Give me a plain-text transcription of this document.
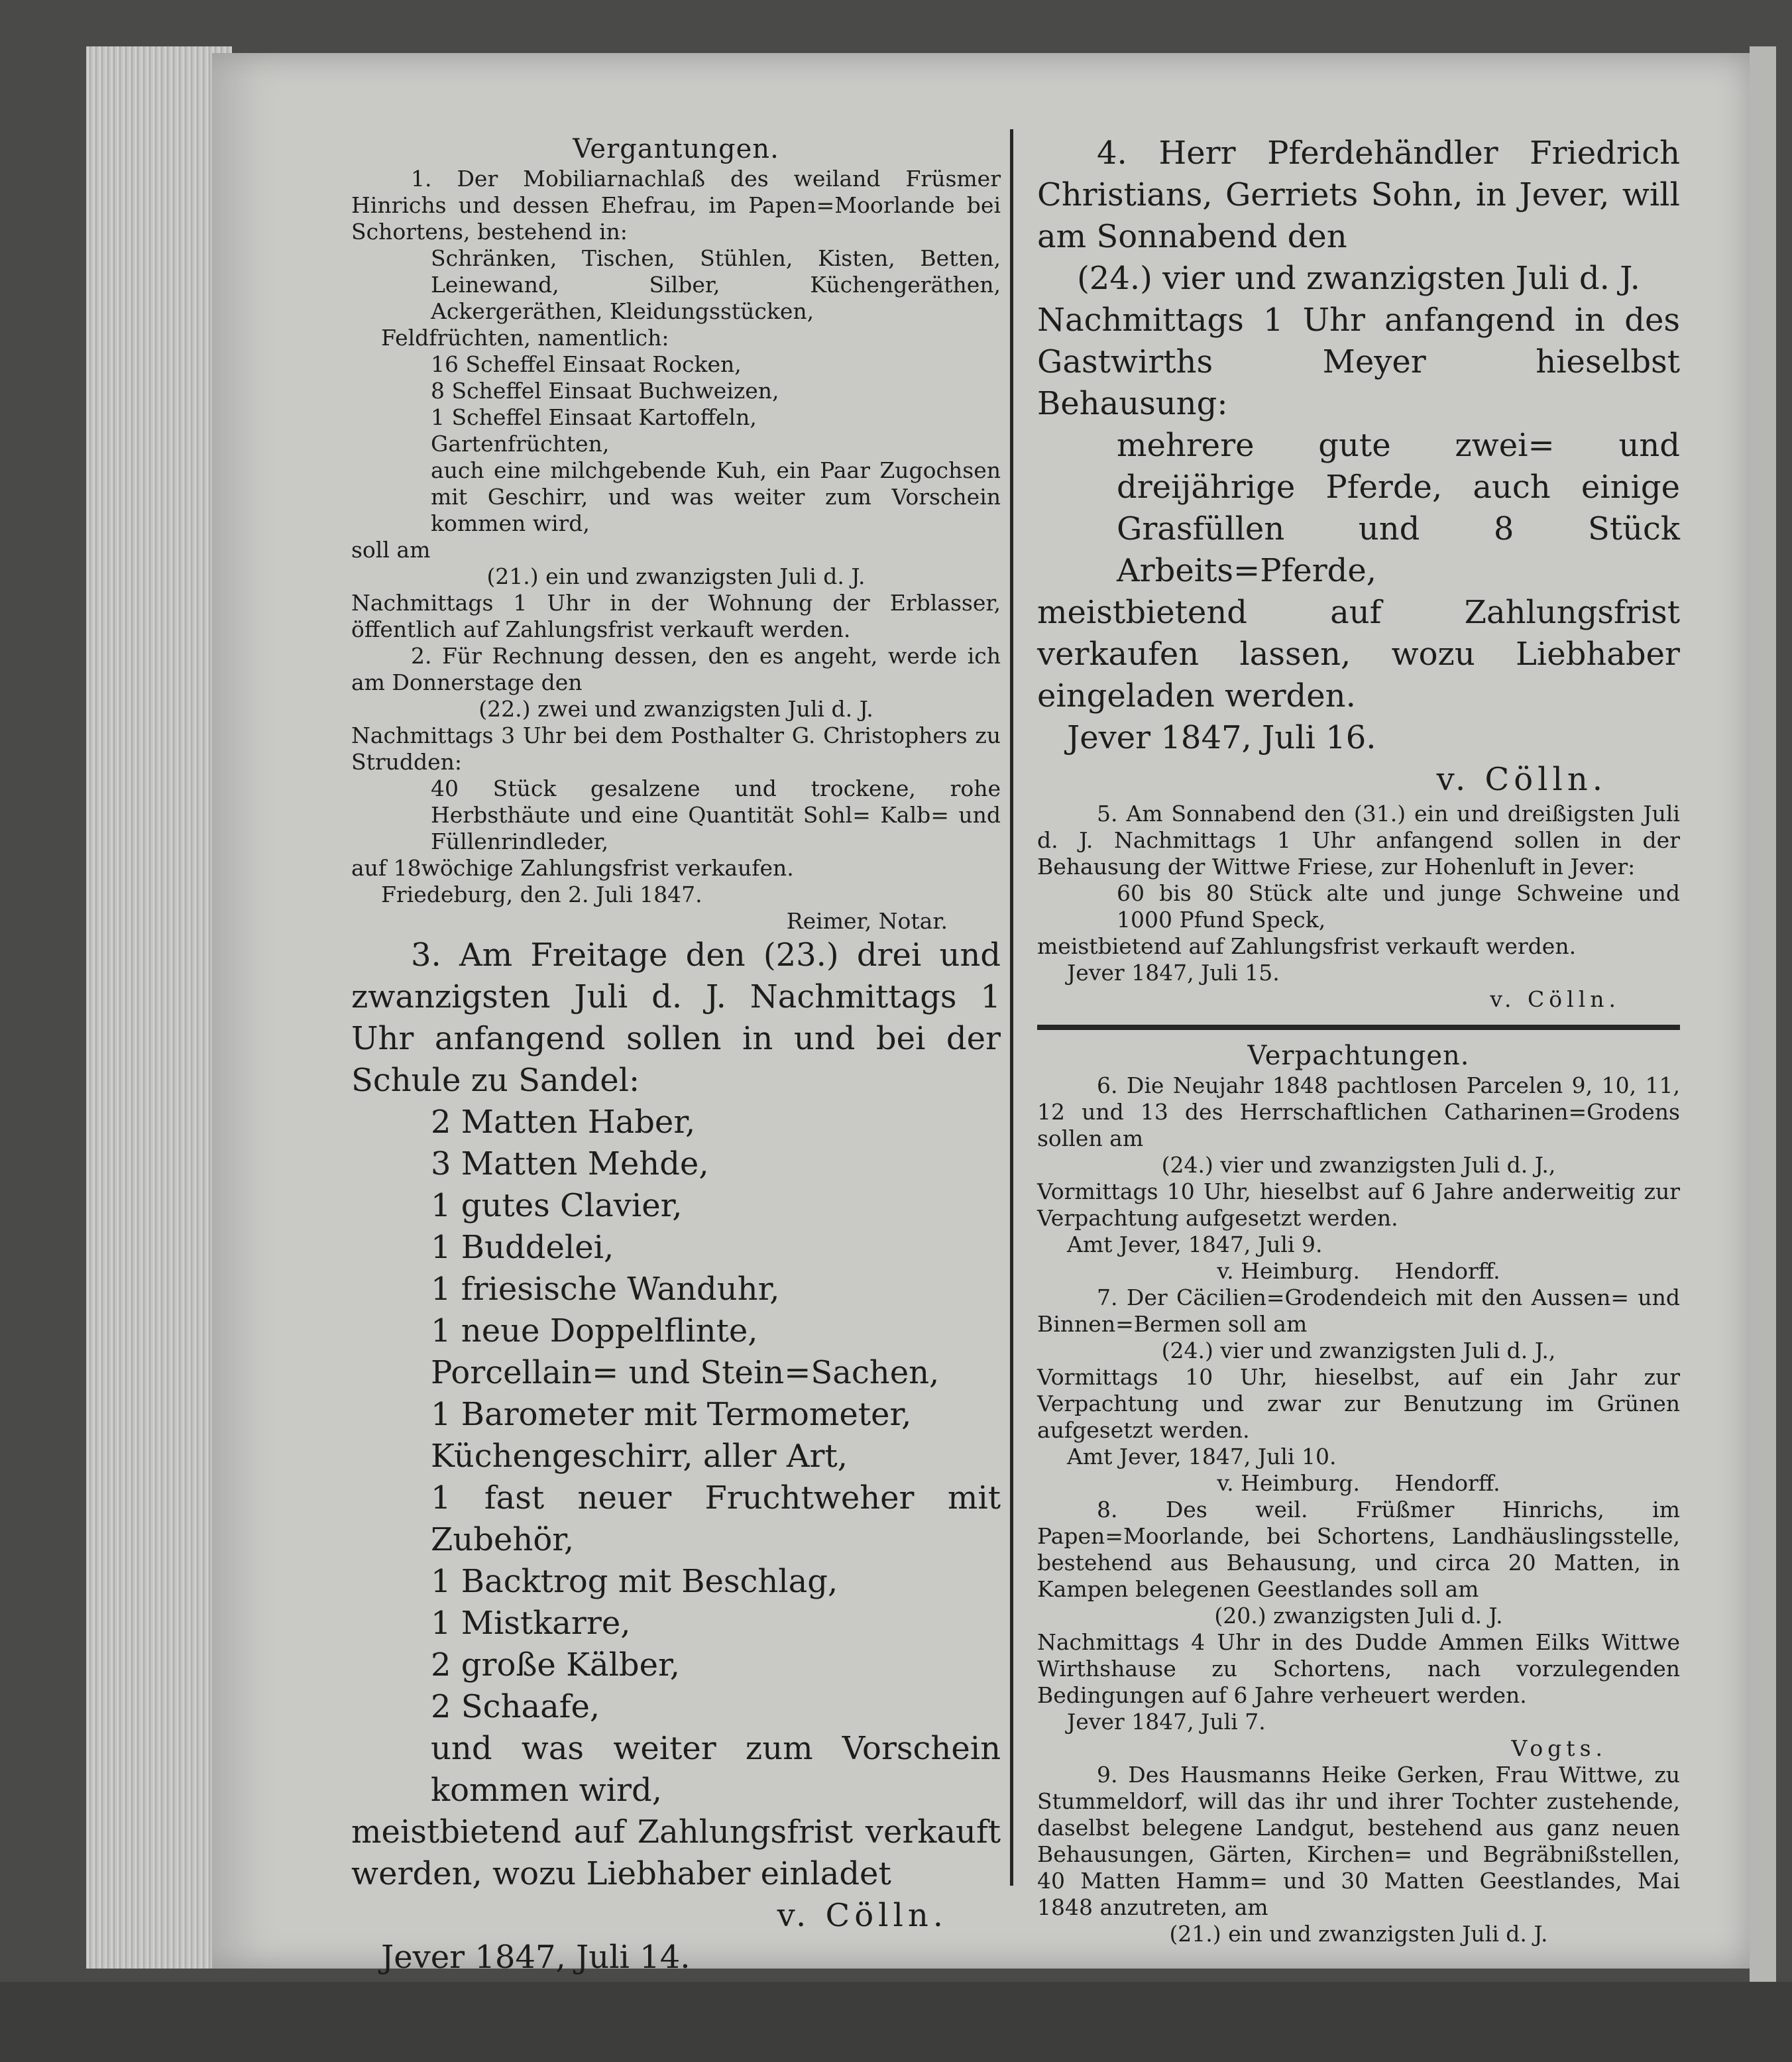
Vergantungen.

1. Der Mobiliarnachlaß des weiland Früsmer Hinrichs und dessen Ehefrau, im Papen=Moorlande bei Schortens, bestehend in:

Schränken, Tischen, Stühlen, Kisten, Betten, Leinewand, Silber, Küchengeräthen, Ackergeräthen, Kleidungsstücken,

Feldfrüchten, namentlich:

16 Scheffel Einsaat Rocken,

8 Scheffel Einsaat Buchweizen,

1 Scheffel Einsaat Kartoffeln,

Gartenfrüchten,

auch eine milchgebende Kuh, ein Paar Zugochsen mit Geschirr, und was weiter zum Vorschein kommen wird,

soll am

(21.) ein und zwanzigsten Juli d. J.

Nachmittags 1 Uhr in der Wohnung der Erblasser, öffentlich auf Zahlungsfrist verkauft werden.

2. Für Rechnung dessen, den es angeht, werde ich am Donnerstage den

(22.) zwei und zwanzigsten Juli d. J.

Nachmittags 3 Uhr bei dem Posthalter G. Christophers zu Strudden:

40 Stück gesalzene und trockene, rohe Herbsthäute und eine Quantität Sohl= Kalb= und Füllenrindleder,

auf 18wöchige Zahlungsfrist verkaufen.

Friedeburg, den 2. Juli 1847.

Reimer, Notar.

3. Am Freitage den (23.) drei und zwanzigsten Juli d. J. Nachmittags 1 Uhr anfangend sollen in und bei der Schule zu Sandel:

2 Matten Haber,

3 Matten Mehde,

1 gutes Clavier,

1 Buddelei,

1 friesische Wanduhr,

1 neue Doppelflinte,

Porcellain= und Stein=Sachen,

1 Barometer mit Termometer,

Küchengeschirr, aller Art,

1 fast neuer Fruchtweher mit Zubehör,

1 Backtrog mit Beschlag,

1 Mistkarre,

2 große Kälber,

2 Schaafe,

und was weiter zum Vorschein kommen wird,

meistbietend auf Zahlungsfrist verkauft werden, wozu Liebhaber einladet

v. Cölln.

Jever 1847, Juli 14.

4. Herr Pferdehändler Friedrich Christians, Gerriets Sohn, in Jever, will am Sonnabend den

(24.) vier und zwanzigsten Juli d. J.

Nachmittags 1 Uhr anfangend in des Gastwirths Meyer hieselbst Behausung:

mehrere gute zwei= und dreijährige Pferde, auch einige Grasfüllen und 8 Stück Arbeits=Pferde,

meistbietend auf Zahlungsfrist verkaufen lassen, wozu Liebhaber eingeladen werden.

Jever 1847, Juli 16.

v. Cölln.

5. Am Sonnabend den (31.) ein und dreißigsten Juli d. J. Nachmittags 1 Uhr anfangend sollen in der Behausung der Wittwe Friese, zur Hohenluft in Jever:

60 bis 80 Stück alte und junge Schweine und 1000 Pfund Speck,

meistbietend auf Zahlungsfrist verkauft werden.

Jever 1847, Juli 15.

v. Cölln.

Verpachtungen.

6. Die Neujahr 1848 pachtlosen Parcelen 9, 10, 11, 12 und 13 des Herrschaftlichen Catharinen=Grodens sollen am

(24.) vier und zwanzigsten Juli d. J.,

Vormittags 10 Uhr, hieselbst auf 6 Jahre anderweitig zur Verpachtung aufgesetzt werden.

Amt Jever, 1847, Juli 9.

v. Heimburg.     Hendorff.

7. Der Cäcilien=Grodendeich mit den Aussen= und Binnen=Bermen soll am

(24.) vier und zwanzigsten Juli d. J.,

Vormittags 10 Uhr, hieselbst, auf ein Jahr zur Verpachtung und zwar zur Benutzung im Grünen aufgesetzt werden.

Amt Jever, 1847, Juli 10.

v. Heimburg.     Hendorff.

8. Des weil. Früßmer Hinrichs, im Papen=Moorlande, bei Schortens, Landhäuslingsstelle, bestehend aus Behausung, und circa 20 Matten, in Kampen belegenen Geestlandes soll am

(20.) zwanzigsten Juli d. J.

Nachmittags 4 Uhr in des Dudde Ammen Eilks Wittwe Wirthshause zu Schortens, nach vorzulegenden Bedingungen auf 6 Jahre verheuert werden.

Jever 1847, Juli 7.

Vogts.

9. Des Hausmanns Heike Gerken, Frau Wittwe, zu Stummeldorf, will das ihr und ihrer Tochter zustehende, daselbst belegene Landgut, bestehend aus ganz neuen Behausungen, Gärten, Kirchen= und Begräbnißstellen, 40 Matten Hamm= und 30 Matten Geestlandes, Mai 1848 anzutreten, am

(21.) ein und zwanzigsten Juli d. J.
